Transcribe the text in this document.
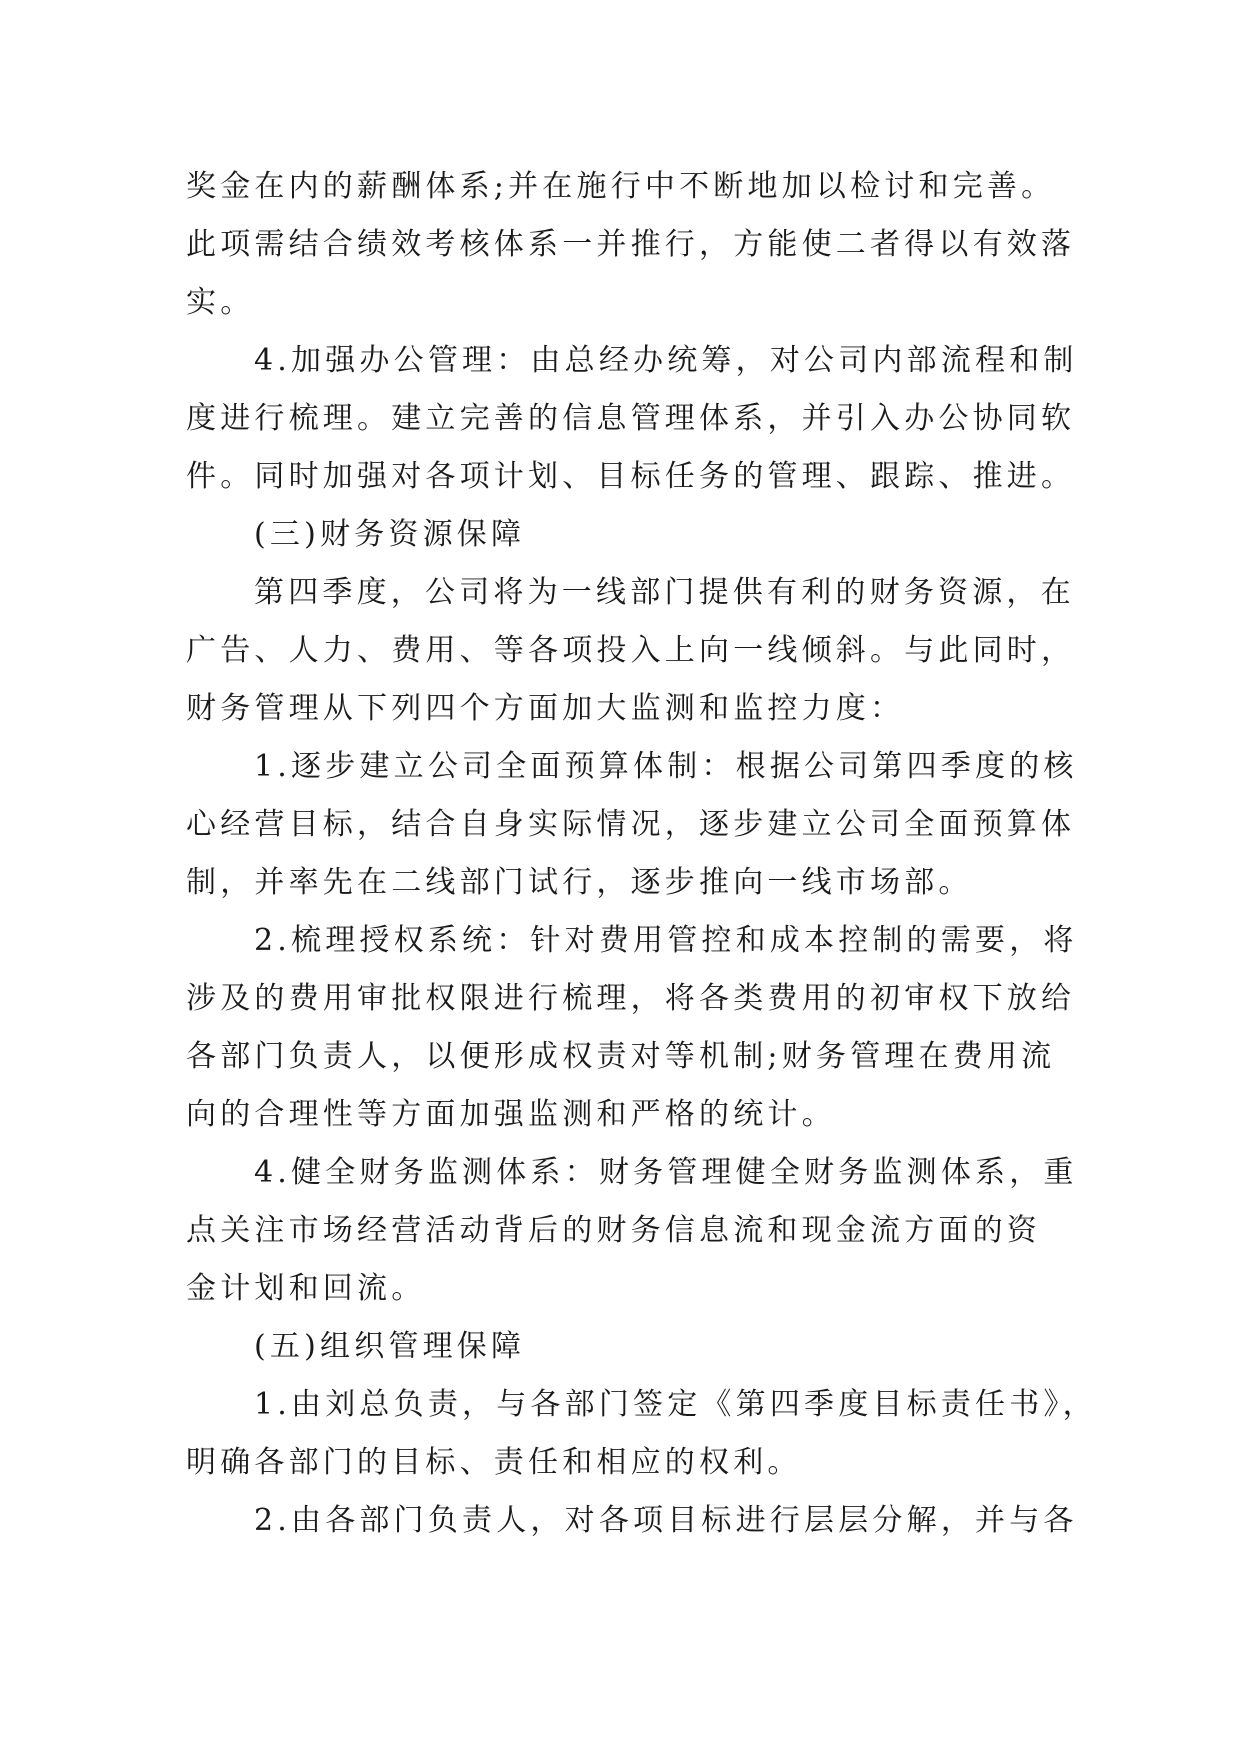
奖金在内的薪酬体系;并在施行中不断地加以检讨和完善。
此项需结合绩效考核体系一并推行，方能使二者得以有效落
实。
4.加强办公管理：由总经办统筹，对公司内部流程和制
度进行梳理。建立完善的信息管理体系，并引入办公协同软
件。同时加强对各项计划、目标任务的管理、跟踪、推进。
(三)财务资源保障
第四季度，公司将为一线部门提供有利的财务资源，在
广告、人力、费用、等各项投入上向一线倾斜。与此同时，
财务管理从下列四个方面加大监测和监控力度：
1.逐步建立公司全面预算体制：根据公司第四季度的核
心经营目标，结合自身实际情况，逐步建立公司全面预算体
制，并率先在二线部门试行，逐步推向一线市场部。
2.梳理授权系统：针对费用管控和成本控制的需要，将
涉及的费用审批权限进行梳理，将各类费用的初审权下放给
各部门负责人，以便形成权责对等机制;财务管理在费用流
向的合理性等方面加强监测和严格的统计。
4.健全财务监测体系：财务管理健全财务监测体系，重
点关注市场经营活动背后的财务信息流和现金流方面的资
金计划和回流。
(五)组织管理保障
1.由刘总负责，与各部门签定《第四季度目标责任书》，
明确各部门的目标、责任和相应的权利。
2.由各部门负责人，对各项目标进行层层分解，并与各
